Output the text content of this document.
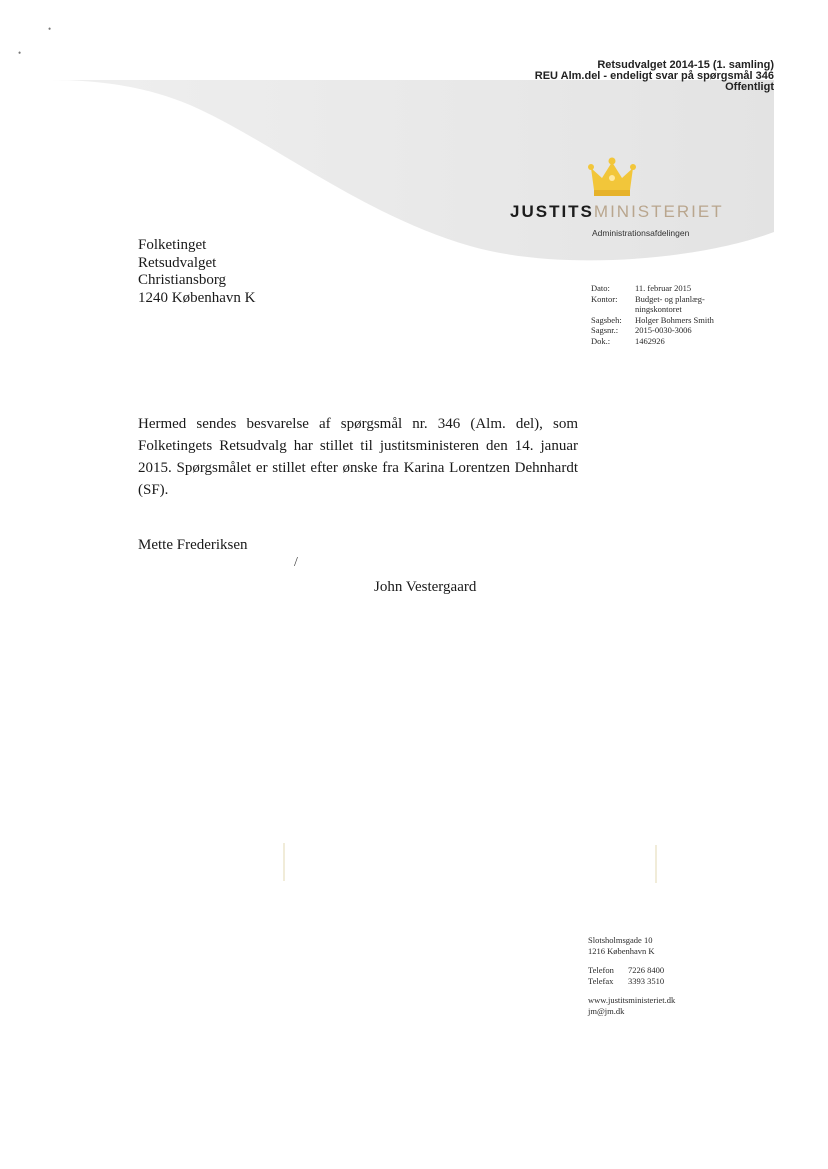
•
•
Retsudvalget 2014-15 (1. samling)
REU Alm.del - endeligt svar på spørgsmål 346
Offentligt
JUSTITSMINISTERIET
Administrationsafdelingen
Folketinget
Retsudvalget
Christiansborg
1240 København K
Dato:	11. februar 2015
Kontor:	Budget- og planlæg-
ningskontoret
Sagsbeh:	Holger Bohmers Smith
Sagsnr.:	2015-0030-3006
Dok.:	1462926
Hermed sendes besvarelse af spørgsmål nr. 346 (Alm. del), som Folketingets Retsudvalg har stillet til justitsministeren den 14. januar 2015. Spørgsmålet er stillet efter ønske fra Karina Lorentzen Dehnhardt (SF).
Mette Frederiksen
/
John Vestergaard

Slotsholmsgade 10
1216 København K

Telefon	7226 8400
Telefax	3393 3510

www.justitsministeriet.dk
jm@jm.dk
